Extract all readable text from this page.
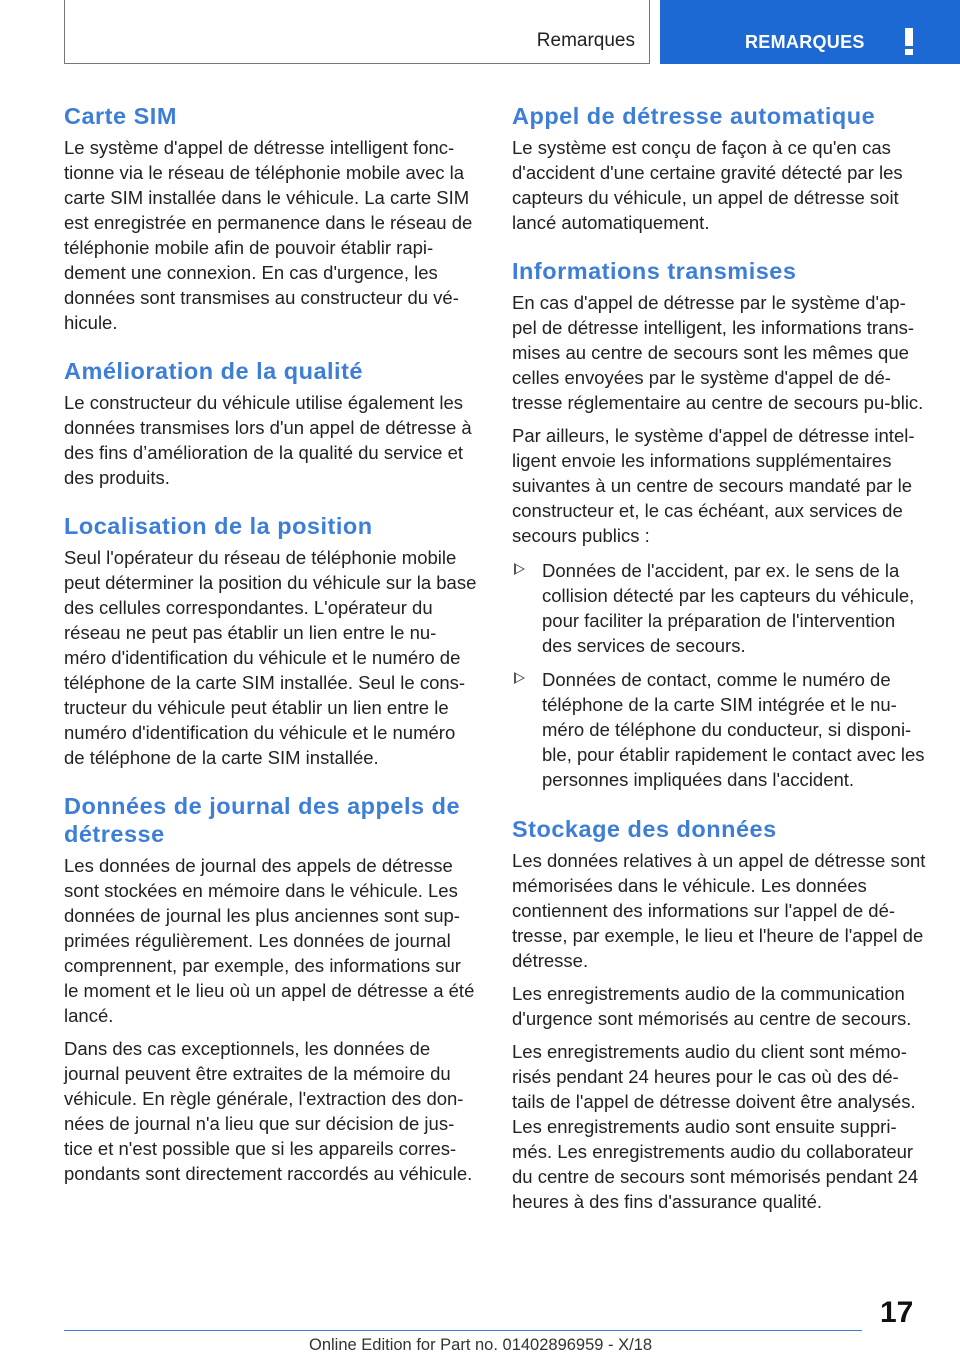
Remarques	REMARQUES
Carte SIM

Le système d'appel de détresse intelligent fonc-tionne via le réseau de téléphonie mobile avec la carte SIM installée dans le véhicule. La carte SIM est enregistrée en permanence dans le réseau de téléphonie mobile afin de pouvoir établir rapi-dement une connexion. En cas d'urgence, les données sont transmises au constructeur du vé-hicule.

Amélioration de la qualité

Le constructeur du véhicule utilise également les données transmises lors d'un appel de détresse à des fins d’amélioration de la qualité du service et des produits.

Localisation de la position

Seul l'opérateur du réseau de téléphonie mobile peut déterminer la position du véhicule sur la base des cellules correspondantes. L'opérateur du réseau ne peut pas établir un lien entre le nu-méro d'identification du véhicule et le numéro de téléphone de la carte SIM installée. Seul le cons-tructeur du véhicule peut établir un lien entre le numéro d'identification du véhicule et le numéro de téléphone de la carte SIM installée.

Données de journal des appels de détresse

Les données de journal des appels de détresse sont stockées en mémoire dans le véhicule. Les données de journal les plus anciennes sont sup-primées régulièrement. Les données de journal comprennent, par exemple, des informations sur le moment et le lieu où un appel de détresse a été lancé.

Dans des cas exceptionnels, les données de journal peuvent être extraites de la mémoire du véhicule. En règle générale, l'extraction des don-nées de journal n'a lieu que sur décision de jus-tice et n'est possible que si les appareils corres-pondants sont directement raccordés au véhicule.

Appel de détresse automatique

Le système est conçu de façon à ce qu'en cas d'accident d'une certaine gravité détecté par les capteurs du véhicule, un appel de détresse soit lancé automatiquement.

Informations transmises

En cas d'appel de détresse par le système d'ap-pel de détresse intelligent, les informations trans-mises au centre de secours sont les mêmes que celles envoyées par le système d'appel de dé-tresse réglementaire au centre de secours pu-blic.

Par ailleurs, le système d'appel de détresse intel-ligent envoie les informations supplémentaires suivantes à un centre de secours mandaté par le constructeur et, le cas échéant, aux services de secours publics :

Données de l'accident, par ex. le sens de la collision détecté par les capteurs du véhicule, pour faciliter la préparation de l'intervention des services de secours.
Données de contact, comme le numéro de téléphone de la carte SIM intégrée et le nu-méro de téléphone du conducteur, si disponi-ble, pour établir rapidement le contact avec les personnes impliquées dans l'accident.
Stockage des données

Les données relatives à un appel de détresse sont mémorisées dans le véhicule. Les données contiennent des informations sur l'appel de dé-tresse, par exemple, le lieu et l'heure de l'appel de détresse.

Les enregistrements audio de la communication d'urgence sont mémorisés au centre de secours.

Les enregistrements audio du client sont mémo-risés pendant 24 heures pour le cas où des dé-tails de l'appel de détresse doivent être analysés. Les enregistrements audio sont ensuite suppri-més. Les enregistrements audio du collaborateur du centre de secours sont mémorisés pendant 24 heures à des fins d'assurance qualité.

17
Online Edition for Part no. 01402896959 - X/18
